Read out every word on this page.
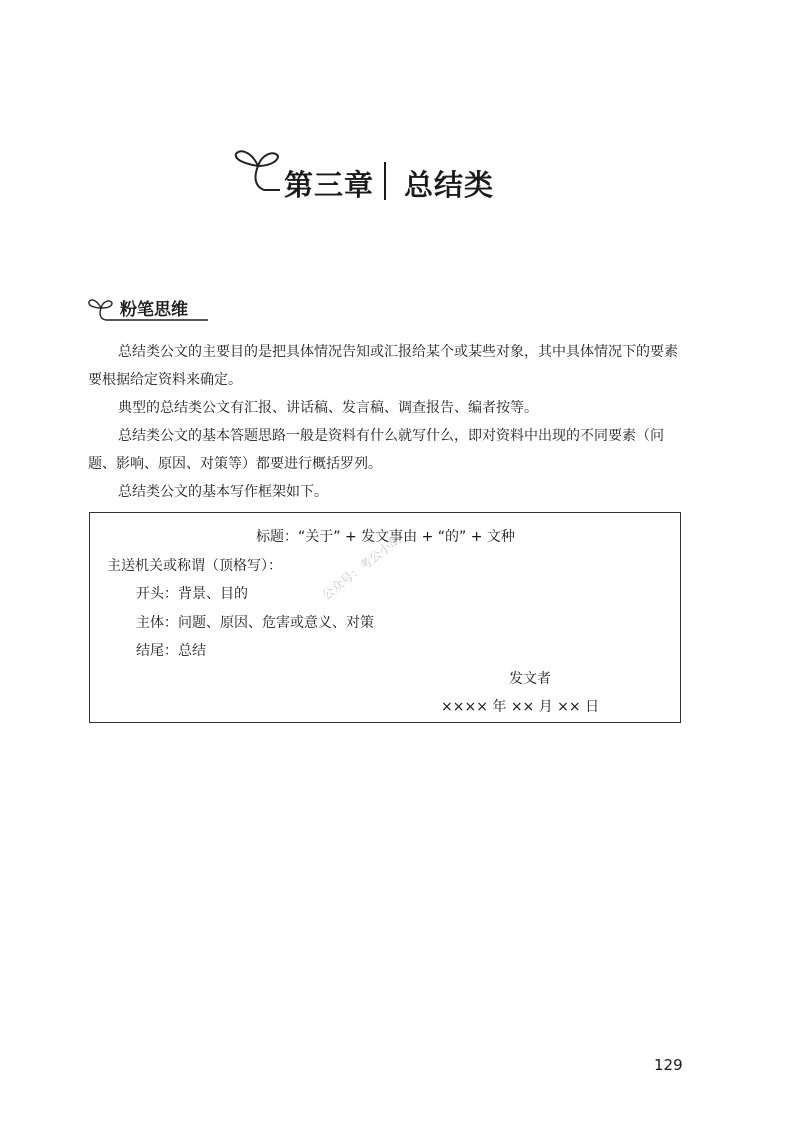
第三章 总结类
粉笔思维

总结类公文的主要目的是把具体情况告知或汇报给某个或某些对象，其中具体情况下的要素要根据给定资料来确定。

典型的总结类公文有汇报、讲话稿、发言稿、调查报告、编者按等。

总结类公文的基本答题思路一般是资料有什么就写什么，即对资料中出现的不同要素（问题、影响、原因、对策等）都要进行概括罗列。

总结类公文的基本写作框架如下。

标题：“关于” + 发文事由 + “的” + 文种
主送机关或称谓（顶格写）：
开头：背景、目的
主体：问题、原因、危害或意义、对策
结尾：总结
发文者
×××× 年 ×× 月 ×× 日
公众号：考公小胡
129
